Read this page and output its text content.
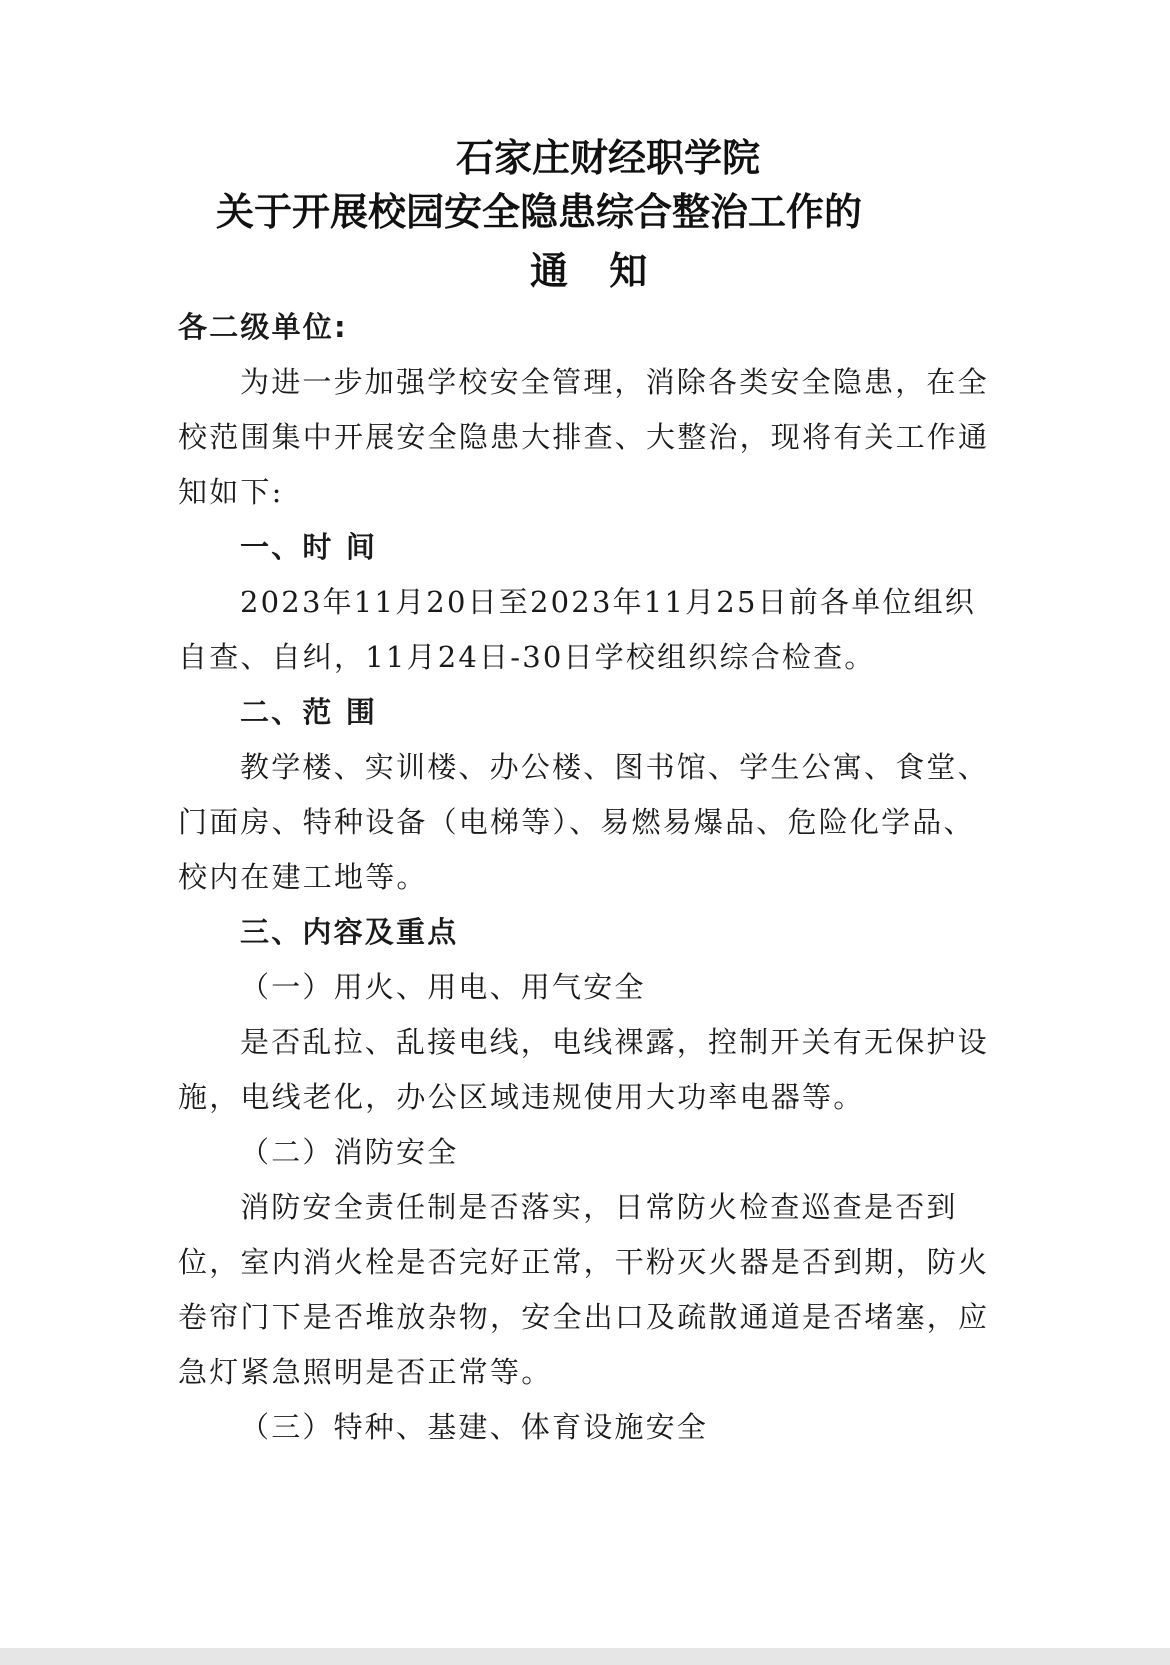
石家庄财经职学院
关于开展校园安全隐患综合整治工作的
通 知

各二级单位:

为进一步加强学校安全管理，消除各类安全隐患，在全校范围集中开展安全隐患大排查、大整治，现将有关工作通知如下:

一、时 间

2023年11月20日至2023年11月25日前各单位组织自查、自纠，11月24日-30日学校组织综合检查。

二、范 围

教学楼、实训楼、办公楼、图书馆、学生公寓、食堂、门面房、特种设备（电梯等）、易燃易爆品、危险化学品、校内在建工地等。

三、内容及重点

（一）用火、用电、用气安全

是否乱拉、乱接电线，电线裸露，控制开关有无保护设施，电线老化，办公区域违规使用大功率电器等。

（二）消防安全

消防安全责任制是否落实，日常防火检查巡查是否到位，室内消火栓是否完好正常，干粉灭火器是否到期，防火卷帘门下是否堆放杂物，安全出口及疏散通道是否堵塞，应急灯紧急照明是否正常等。

（三）特种、基建、体育设施安全
